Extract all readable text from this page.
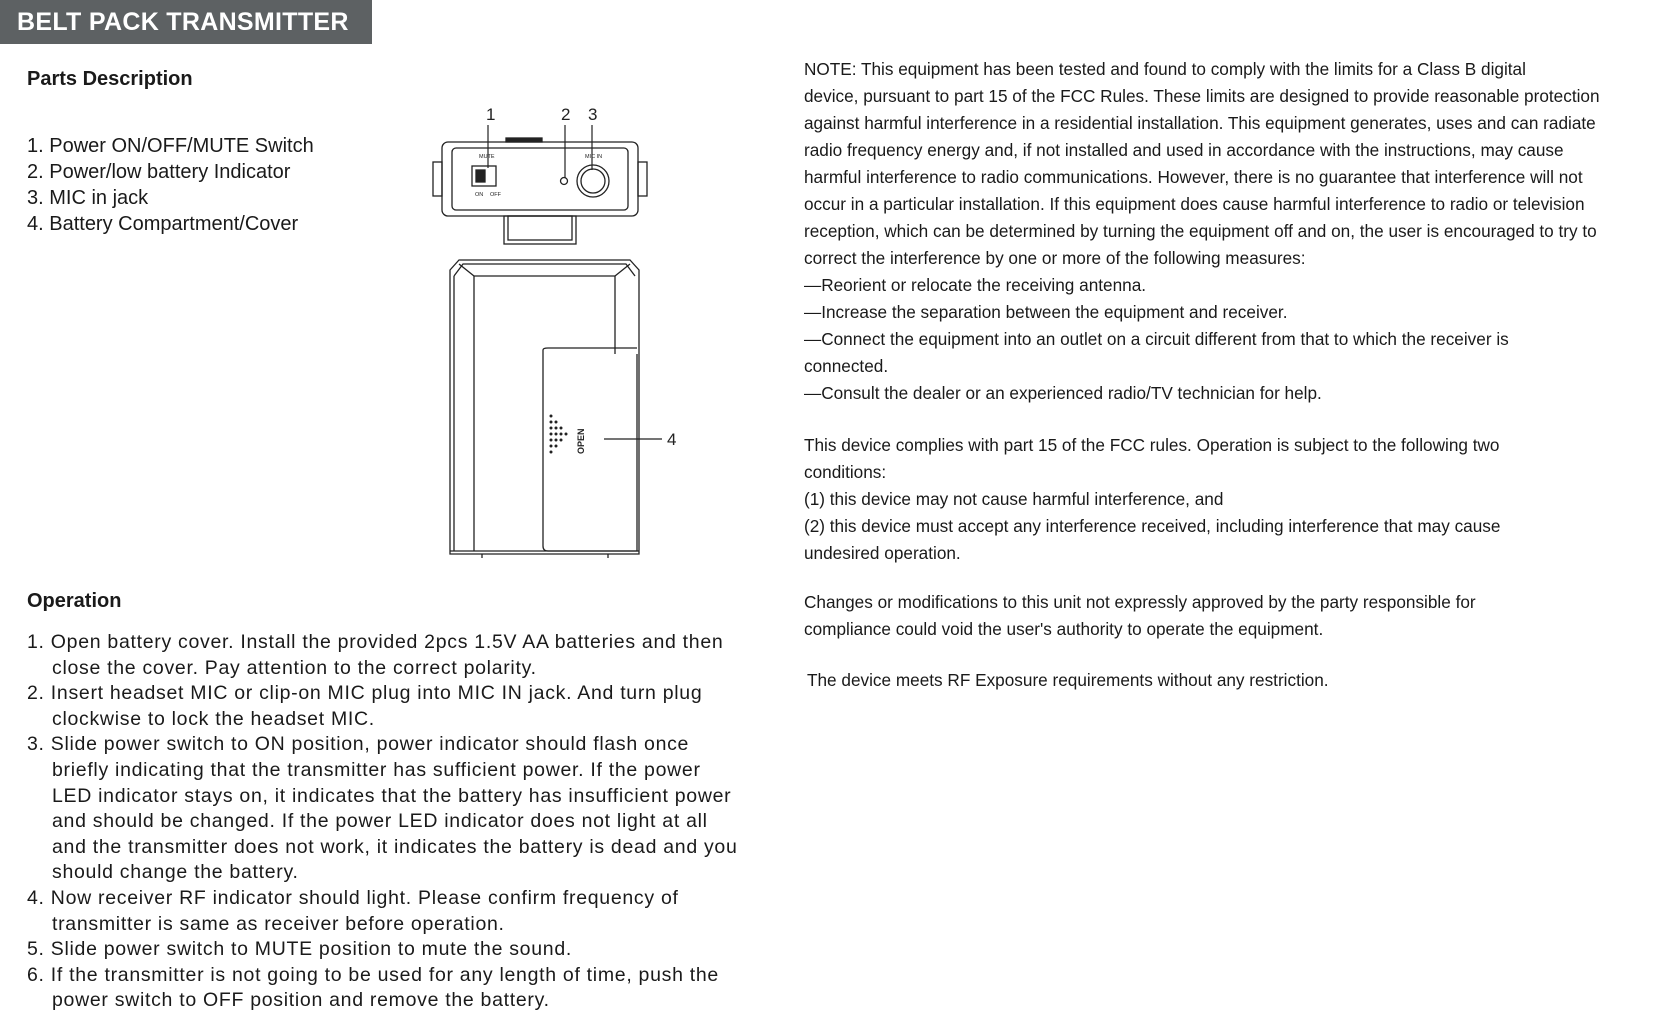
BELT PACK TRANSMITTER
Parts Description
1. Power ON/OFF/MUTE Switch
2. Power/low battery Indicator
3. MIC in jack
4. Battery Compartment/Cover
1	2 3
4
MUTE
ON OFF
MIC IN
OPEN
Operation
1. Open battery cover. Install the provided 2pcs 1.5V AA batteries and then close the cover. Pay attention to the correct polarity.
2. Insert headset MIC or clip-on MIC plug into MIC IN jack. And turn plug clockwise to lock the headset MIC.
3. Slide power switch to ON position, power indicator should flash once briefly indicating that the transmitter has sufficient power. If the power LED indicator stays on, it indicates that the battery has insufficient power and should be changed. If the power LED indicator does not light at all and the transmitter does not work, it indicates the battery is dead and you should change the battery.
4. Now receiver RF indicator should light. Please confirm frequency of transmitter is same as receiver before operation.
5. Slide power switch to MUTE position to mute the sound.
6. If the transmitter is not going to be used for any length of time, push the power switch to OFF position and remove the battery.

NOTE: This equipment has been tested and found to comply with the limits for a Class B digital

device, pursuant to part 15 of the FCC Rules. These limits are designed to provide reasonable protection

against harmful interference in a residential installation. This equipment generates, uses and can radiate

radio frequency energy and, if not installed and used in accordance with the instructions, may cause

harmful interference to radio communications. However, there is no guarantee that interference will not

occur in a particular installation. If this equipment does cause harmful interference to radio or television

reception, which can be determined by turning the equipment off and on, the user is encouraged to try to

correct the interference by one or more of the following measures:

—Reorient or relocate the receiving antenna.

—Increase the separation between the equipment and receiver.

—Connect the equipment into an outlet on a circuit different from that to which the receiver is

connected.

—Consult the dealer or an experienced radio/TV technician for help.

This device complies with part 15 of the FCC rules. Operation is subject to the following two

conditions:

(1) this device may not cause harmful interference, and

(2) this device must accept any interference received, including interference that may cause

undesired operation.

Changes or modifications to this unit not expressly approved by the party responsible for

compliance could void the user's authority to operate the equipment.

The device meets RF Exposure requirements without any restriction.
